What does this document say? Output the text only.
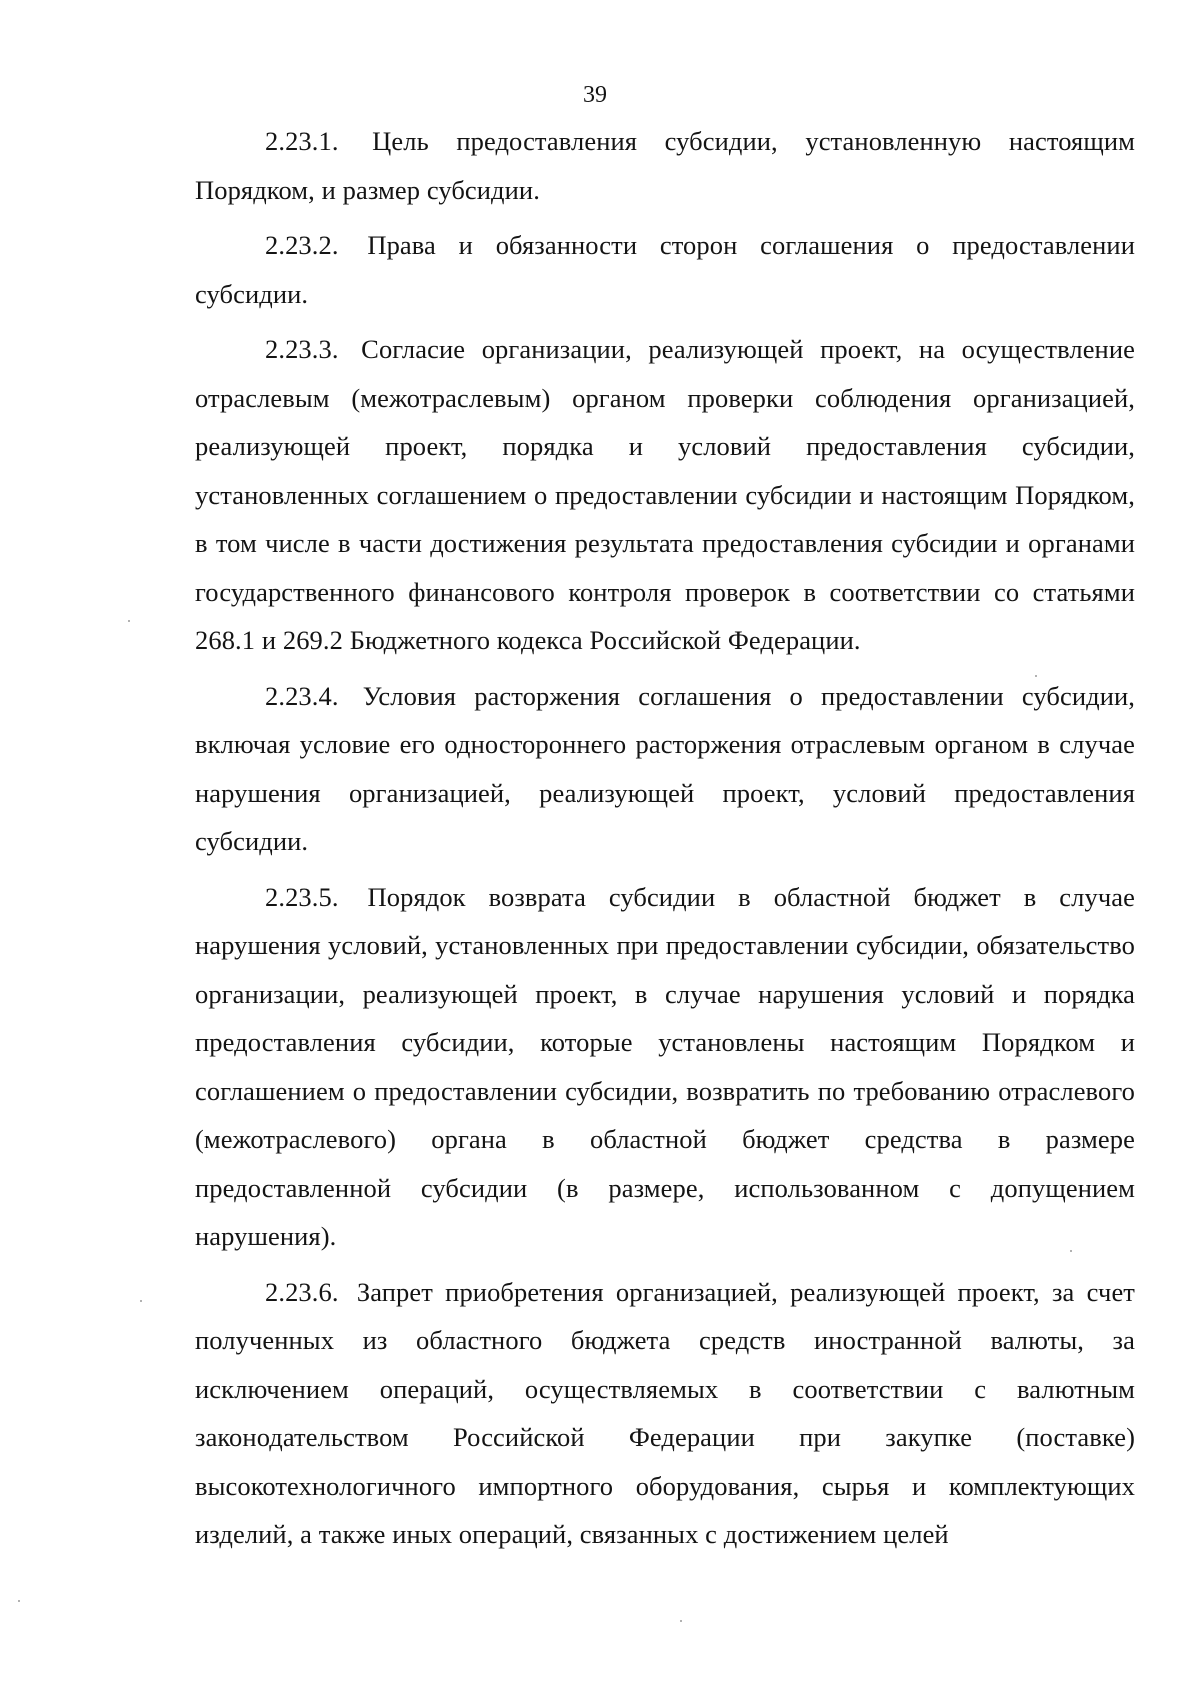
39

2.23.1. Цель предоставления субсидии, установленную настоящим Порядком, и размер субсидии.

2.23.2. Права и обязанности сторон соглашения о предоставлении субсидии.

2.23.3. Согласие организации, реализующей проект, на осуществление отраслевым (межотраслевым) органом проверки соблюдения организацией, реализующей проект, порядка и условий предоставления субсидии, установленных соглашением о предоставлении субсидии и настоящим Порядком, в том числе в части достижения результата предоставления субсидии и органами государственного финансового контроля проверок в соответствии со статьями 268.1 и 269.2 Бюджетного кодекса Российской Федерации.

2.23.4. Условия расторжения соглашения о предоставлении субсидии, включая условие его одностороннего расторжения отраслевым органом в случае нарушения организацией, реализующей проект, условий предоставления субсидии.

2.23.5. Порядок возврата субсидии в областной бюджет в случае нарушения условий, установленных при предоставлении субсидии, обязательство организации, реализующей проект, в случае нарушения условий и порядка предоставления субсидии, которые установлены настоящим Порядком и соглашением о предоставлении субсидии, возвратить по требованию отраслевого (межотраслевого) органа в областной бюджет средства в размере предоставленной субсидии (в размере, использованном с допущением нарушения).

2.23.6. Запрет приобретения организацией, реализующей проект, за счет полученных из областного бюджета средств иностранной валюты, за исключением операций, осуществляемых в соответствии с валютным законодательством Российской Федерации при закупке (поставке) высокотехнологичного импортного оборудования, сырья и комплектующих изделий, а также иных операций, связанных с достижением целей
